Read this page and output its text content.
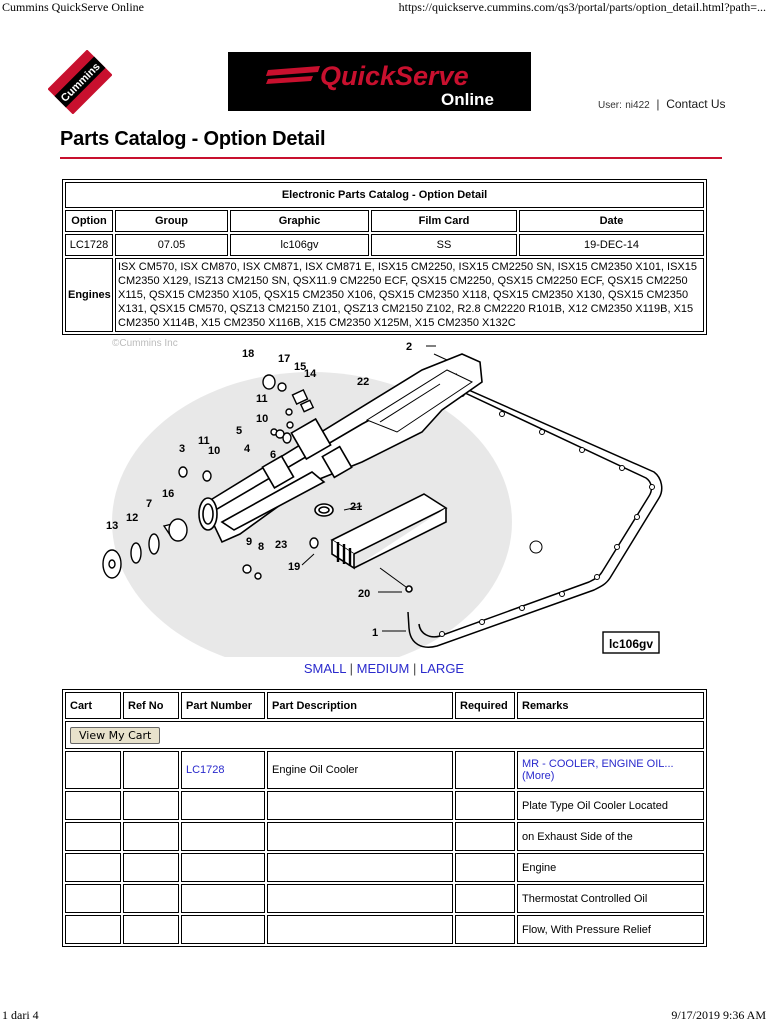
Cummins QuickServe Online	https://quickserve.cummins.com/qs3/portal/parts/option_detail.html?path=...
Cummins	QuickServe
Online	User: ni422 | Contact Us
Parts Catalog - Option Detail
Electronic Parts Catalog - Option Detail				
Option	Group	Graphic	Film Card	Date
LC1728	07.05	lc106gv	SS	19-DEC-14
Engines	ISX CM570, ISX CM870, ISX CM871, ISX CM871 E, ISX15 CM2250, ISX15 CM2250 SN, ISX15 CM2350 X101, ISX15 CM2350 X129, ISZ13 CM2150 SN, QSX11.9 CM2250 ECF, QSX15 CM2250, QSX15 CM2250 ECF, QSX15 CM2250 X115, QSX15 CM2350 X105, QSX15 CM2350 X106, QSX15 CM2350 X118, QSX15 CM2350 X130, QSX15 CM2350 X131, QSX15 CM570, QSZ13 CM2150 Z101, QSZ13 CM2150 Z102, R2.8 CM2220 R101B, X12 CM2350 X119B, X15 CM2350 X114B, X15 CM2350 X116B, X15 CM2350 X125M, X15 CM2350 X132C			
©Cummins Inc
18 17
15
14
11
10
5
4 6
22
2
3
11
10
16
7
12
13
9 8 23
21
19
20
1
lc106gv
SMALL | MEDIUM | LARGE
Cart	Ref No	Part Number	Part Description	Required	Remarks
View My Cart					
		LC1728	Engine Oil Cooler		MR - COOLER, ENGINE OIL...
(More)
					Plate Type Oil Cooler Located
					on Exhaust Side of the
					Engine
					Thermostat Controlled Oil
					Flow, With Pressure Relief
1 dari 4	9/17/2019 9:36 AM
